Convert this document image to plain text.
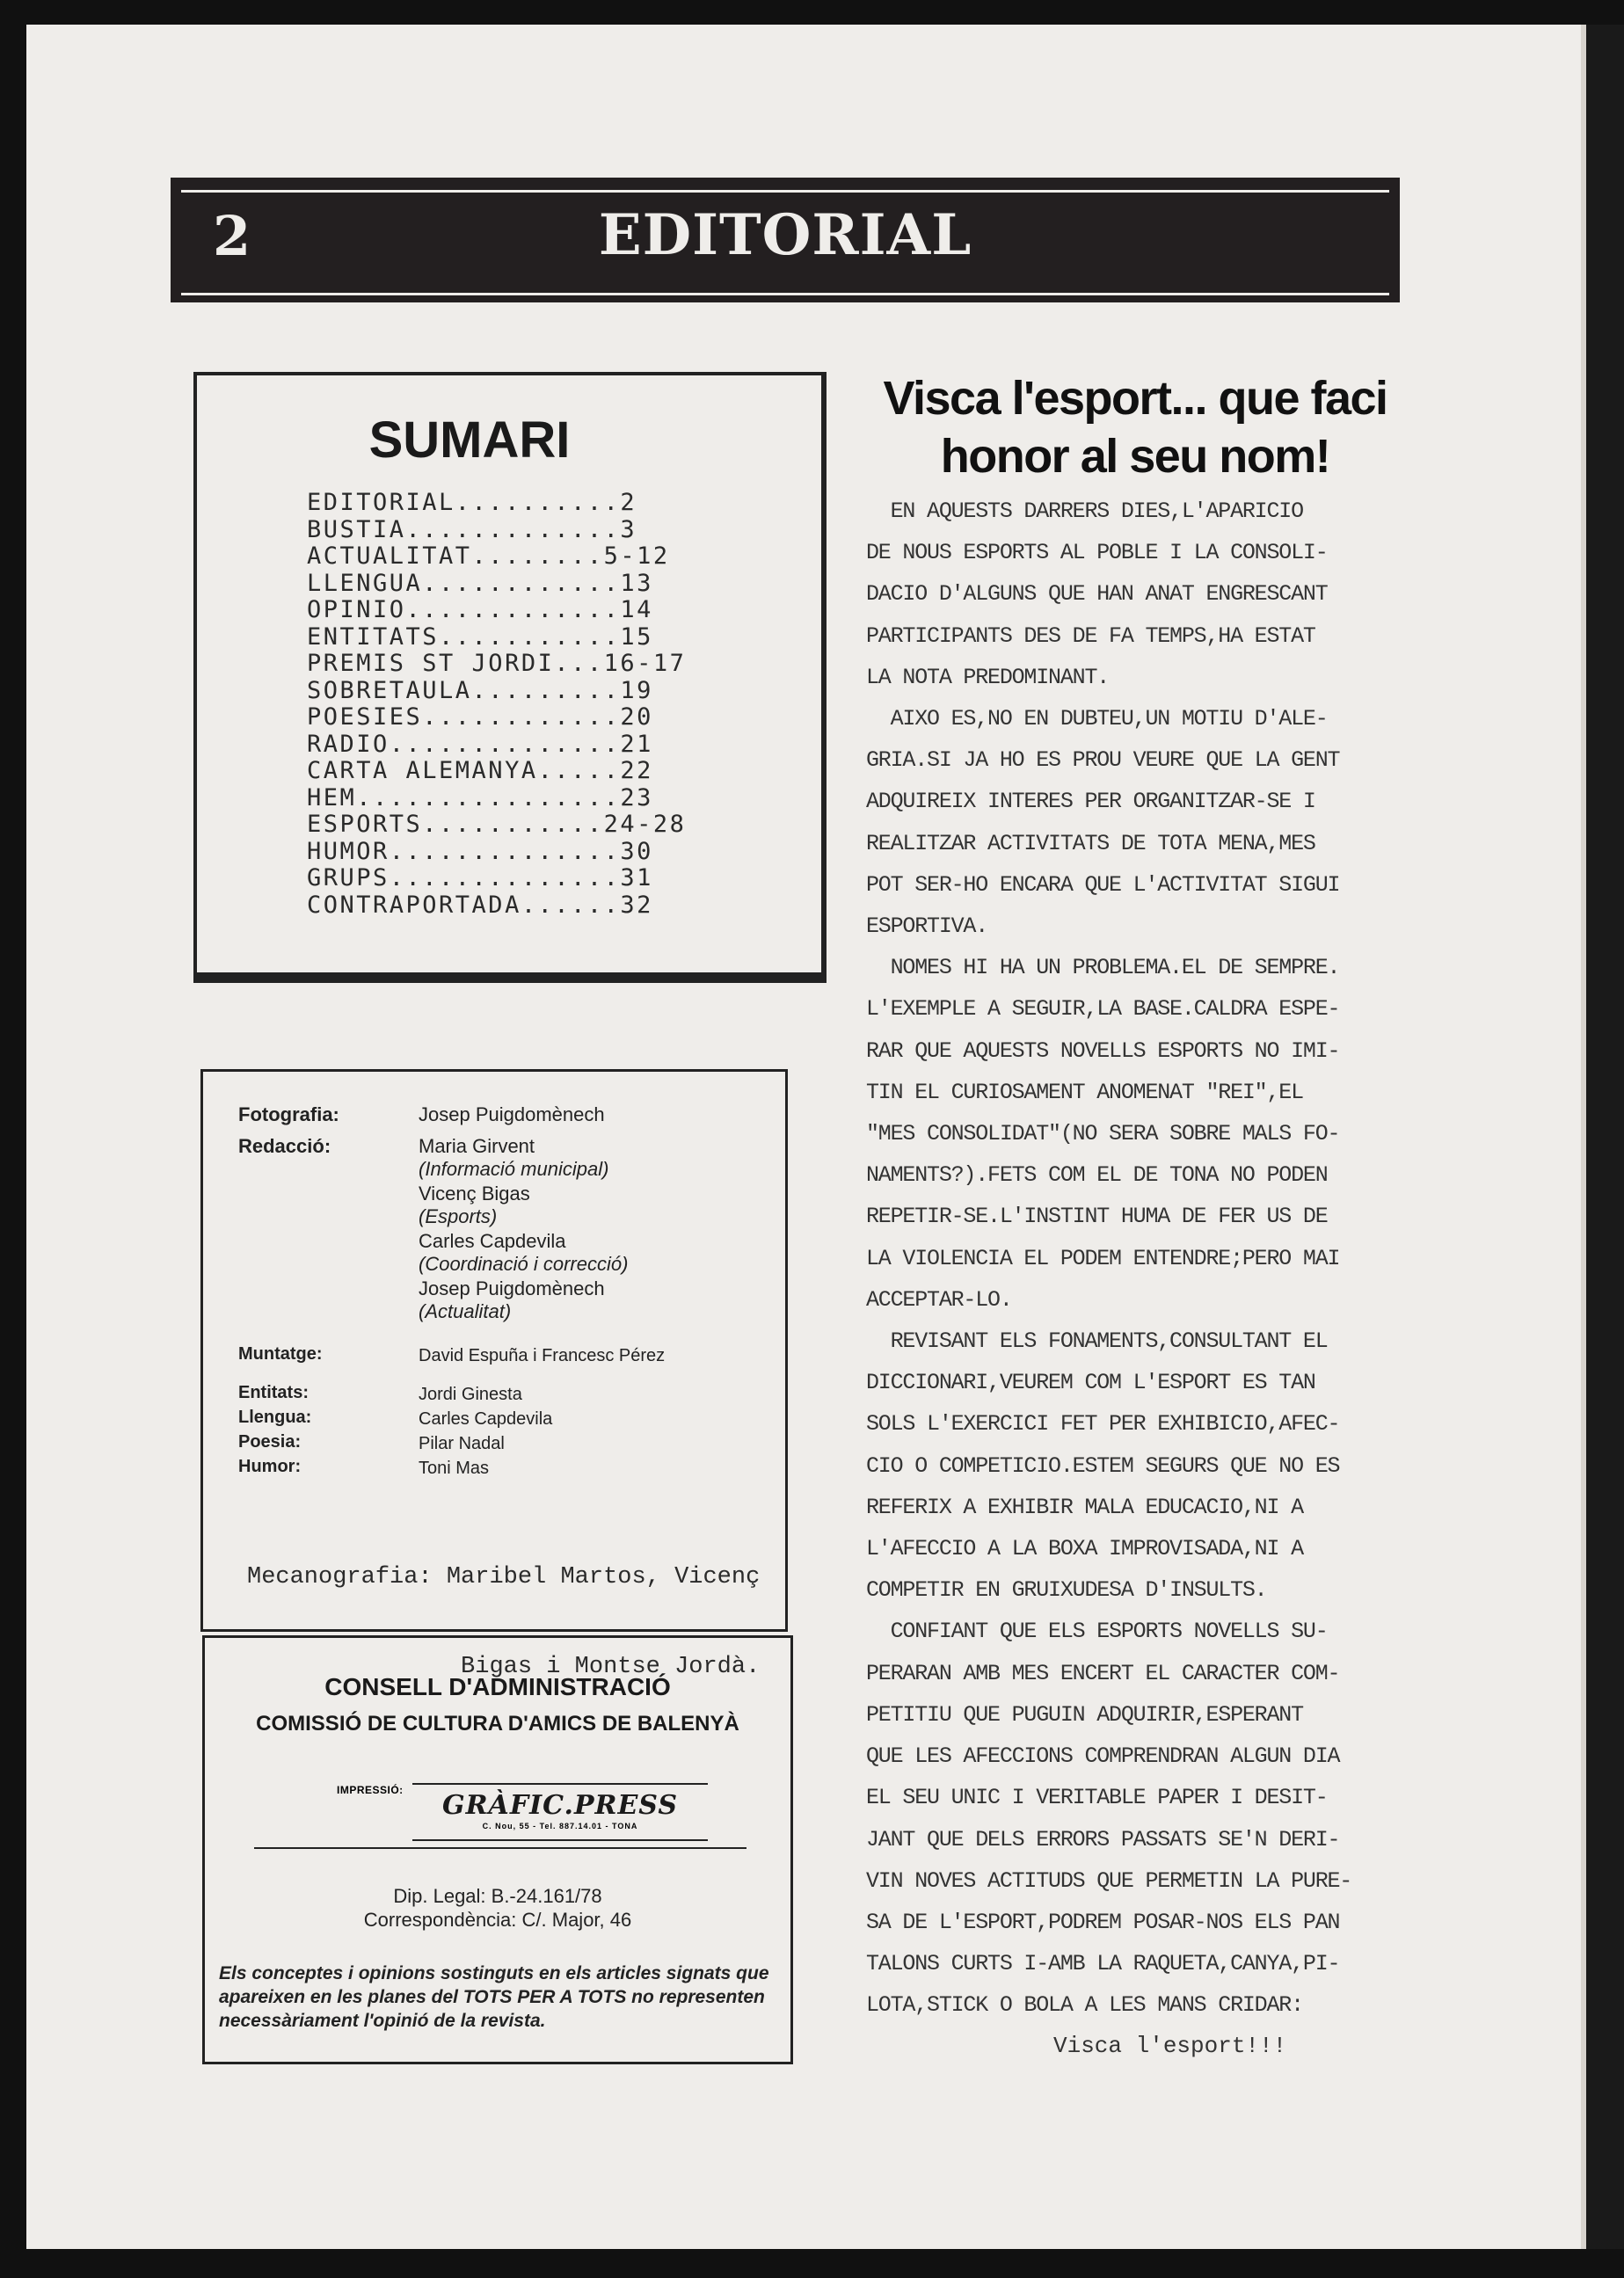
2	EDITORIAL
SUMARI
EDITORIAL..........2
BUSTIA.............3
ACTUALITAT........5-12
LLENGUA............13
OPINIO.............14
ENTITATS...........15
PREMIS ST JORDI...16-17
SOBRETAULA.........19
POESIES............20
RADIO..............21
CARTA ALEMANYA.....22
HEM................23
ESPORTS...........24-28
HUMOR..............30
GRUPS..............31
CONTRAPORTADA......32
Fotografia:	Josep Puigdomènech
Redacció:	Maria Girvent
(Informació municipal)
Vicenç Bigas
(Esports)
Carles Capdevila
(Coordinació i correcció)
Josep Puigdomènech
(Actualitat)
Muntatge:	David Espuña i Francesc Pérez
Entitats:	Jordi Ginesta
Llengua:	Carles Capdevila
Poesia:	Pilar Nadal
Humor:	Toni Mas

Mecanografia: Maribel Martos, Vicenç

Bigas i Montse Jordà.

CONSELL D'ADMINISTRACIÓ
COMISSIÓ DE CULTURA D'AMICS DE BALENYÀ
IMPRESSIÓ:	GRÀFIC.PRESS
C. Nou, 55 - Tel. 887.14.01 - TONA
Dip. Legal: B.-24.161/78
Correspondència: C/. Major, 46
Els conceptes i opinions sostinguts en els articles signats que apareixen en les planes del TOTS PER A TOTS no representen necessàriament l'opinió de la revista.
Visca l'esport... que faci
honor al seu nom!
EN AQUESTS DARRERS DIES,L'APARICIO
DE NOUS ESPORTS AL POBLE I LA CONSOLI-
DACIO D'ALGUNS QUE HAN ANAT ENGRESCANT
PARTICIPANTS DES DE FA TEMPS,HA ESTAT
LA NOTA PREDOMINANT.
AIXO ES,NO EN DUBTEU,UN MOTIU D'ALE-
GRIA.SI JA HO ES PROU VEURE QUE LA GENT
ADQUIREIX INTERES PER ORGANITZAR-SE I
REALITZAR ACTIVITATS DE TOTA MENA,MES
POT SER-HO ENCARA QUE L'ACTIVITAT SIGUI
ESPORTIVA.
NOMES HI HA UN PROBLEMA.EL DE SEMPRE.
L'EXEMPLE A SEGUIR,LA BASE.CALDRA ESPE-
RAR QUE AQUESTS NOVELLS ESPORTS NO IMI-
TIN EL CURIOSAMENT ANOMENAT "REI",EL
"MES CONSOLIDAT"(NO SERA SOBRE MALS FO-
NAMENTS?).FETS COM EL DE TONA NO PODEN
REPETIR-SE.L'INSTINT HUMA DE FER US DE
LA VIOLENCIA EL PODEM ENTENDRE;PERO MAI
ACCEPTAR-LO.
REVISANT ELS FONAMENTS,CONSULTANT EL
DICCIONARI,VEUREM COM L'ESPORT ES TAN
SOLS L'EXERCICI FET PER EXHIBICIO,AFEC-
CIO O COMPETICIO.ESTEM SEGURS QUE NO ES
REFERIX A EXHIBIR MALA EDUCACIO,NI A
L'AFECCIO A LA BOXA IMPROVISADA,NI A
COMPETIR EN GRUIXUDESA D'INSULTS.
CONFIANT QUE ELS ESPORTS NOVELLS SU-
PERARAN AMB MES ENCERT EL CARACTER COM-
PETITIU QUE PUGUIN ADQUIRIR,ESPERANT
QUE LES AFECCIONS COMPRENDRAN ALGUN DIA
EL SEU UNIC I VERITABLE PAPER I DESIT-
JANT QUE DELS ERRORS PASSATS SE'N DERI-
VIN NOVES ACTITUDS QUE PERMETIN LA PURE-
SA DE L'ESPORT,PODREM POSAR-NOS ELS PAN
TALONS CURTS I-AMB LA RAQUETA,CANYA,PI-
LOTA,STICK O BOLA A LES MANS CRIDAR:
Visca l'esport!!!
